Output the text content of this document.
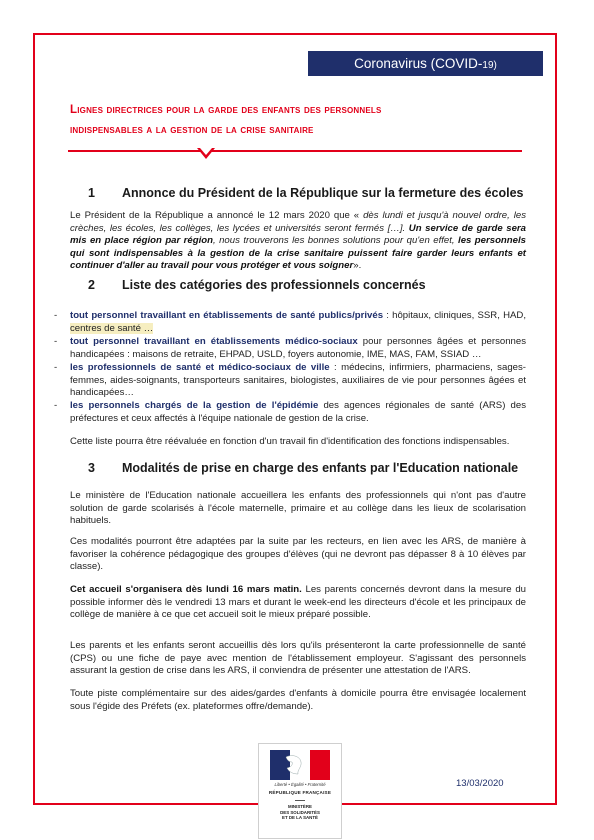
Coronavirus (COVID-19)
Lignes directrices pour la garde des enfants des personnels
indispensables a la gestion de la crise sanitaire
1 Annonce du Président de la République sur la fermeture des écoles
Le Président de la République a annoncé le 12 mars 2020 que « dès lundi et jusqu'à nouvel ordre, les crèches, les écoles, les collèges, les lycées et universités seront fermés […]. Un service de garde sera mis en place région par région, nous trouverons les bonnes solutions pour qu'en effet, les personnels qui sont indispensables à la gestion de la crise sanitaire puissent faire garder leurs enfants et continuer d'aller au travail pour vous protéger et vous soigner».
2 Liste des catégories des professionnels concernés
- tout personnel travaillant en établissements de santé publics/privés : hôpitaux, cliniques, SSR, HAD, centres de santé …
- tout personnel travaillant en établissements médico-sociaux pour personnes âgées et personnes handicapées : maisons de retraite, EHPAD, USLD, foyers autonomie, IME, MAS, FAM, SSIAD …
- les professionnels de santé et médico-sociaux de ville : médecins, infirmiers, pharmaciens, sages-femmes, aides-soignants, transporteurs sanitaires, biologistes, auxiliaires de vie pour personnes âgées et handicapées…
- les personnels chargés de la gestion de l'épidémie des agences régionales de santé (ARS) des préfectures et ceux affectés à l'équipe nationale de gestion de la crise.
Cette liste pourra être réévaluée en fonction d'un travail fin d'identification des fonctions indispensables.
3 Modalités de prise en charge des enfants par l'Education nationale
Le ministère de l'Education nationale accueillera les enfants des professionnels qui n'ont pas d'autre solution de garde scolarisés à l'école maternelle, primaire et au collège dans les lieux de scolarisation habituels.
Ces modalités pourront être adaptées par la suite par les recteurs, en lien avec les ARS, de manière à favoriser la cohérence pédagogique des groupes d'élèves (qui ne devront pas dépasser 8 à 10 élèves par classe).
Cet accueil s'organisera dès lundi 16 mars matin. Les parents concernés devront dans la mesure du possible informer dès le vendredi 13 mars et durant le week-end les directeurs d'école et les principaux de collège de manière à ce que cet accueil soit le mieux préparé possible.
Les parents et les enfants seront accueillis dès lors qu'ils présenteront la carte professionnelle de santé (CPS) ou une fiche de paye avec mention de l'établissement employeur. S'agissant des personnels assurant la gestion de crise dans les ARS, il conviendra de présenter une attestation de l'ARS.
Toute piste complémentaire sur des aides/gardes d'enfants à domicile pourra être envisagée localement sous l'égide des Préfets (ex. plateformes offre/demande).
Liberté • Égalité • Fraternité
RÉPUBLIQUE FRANÇAISE
MINISTÈRE
DES SOLIDARITÉS
ET DE LA SANTÉ
13/03/2020
